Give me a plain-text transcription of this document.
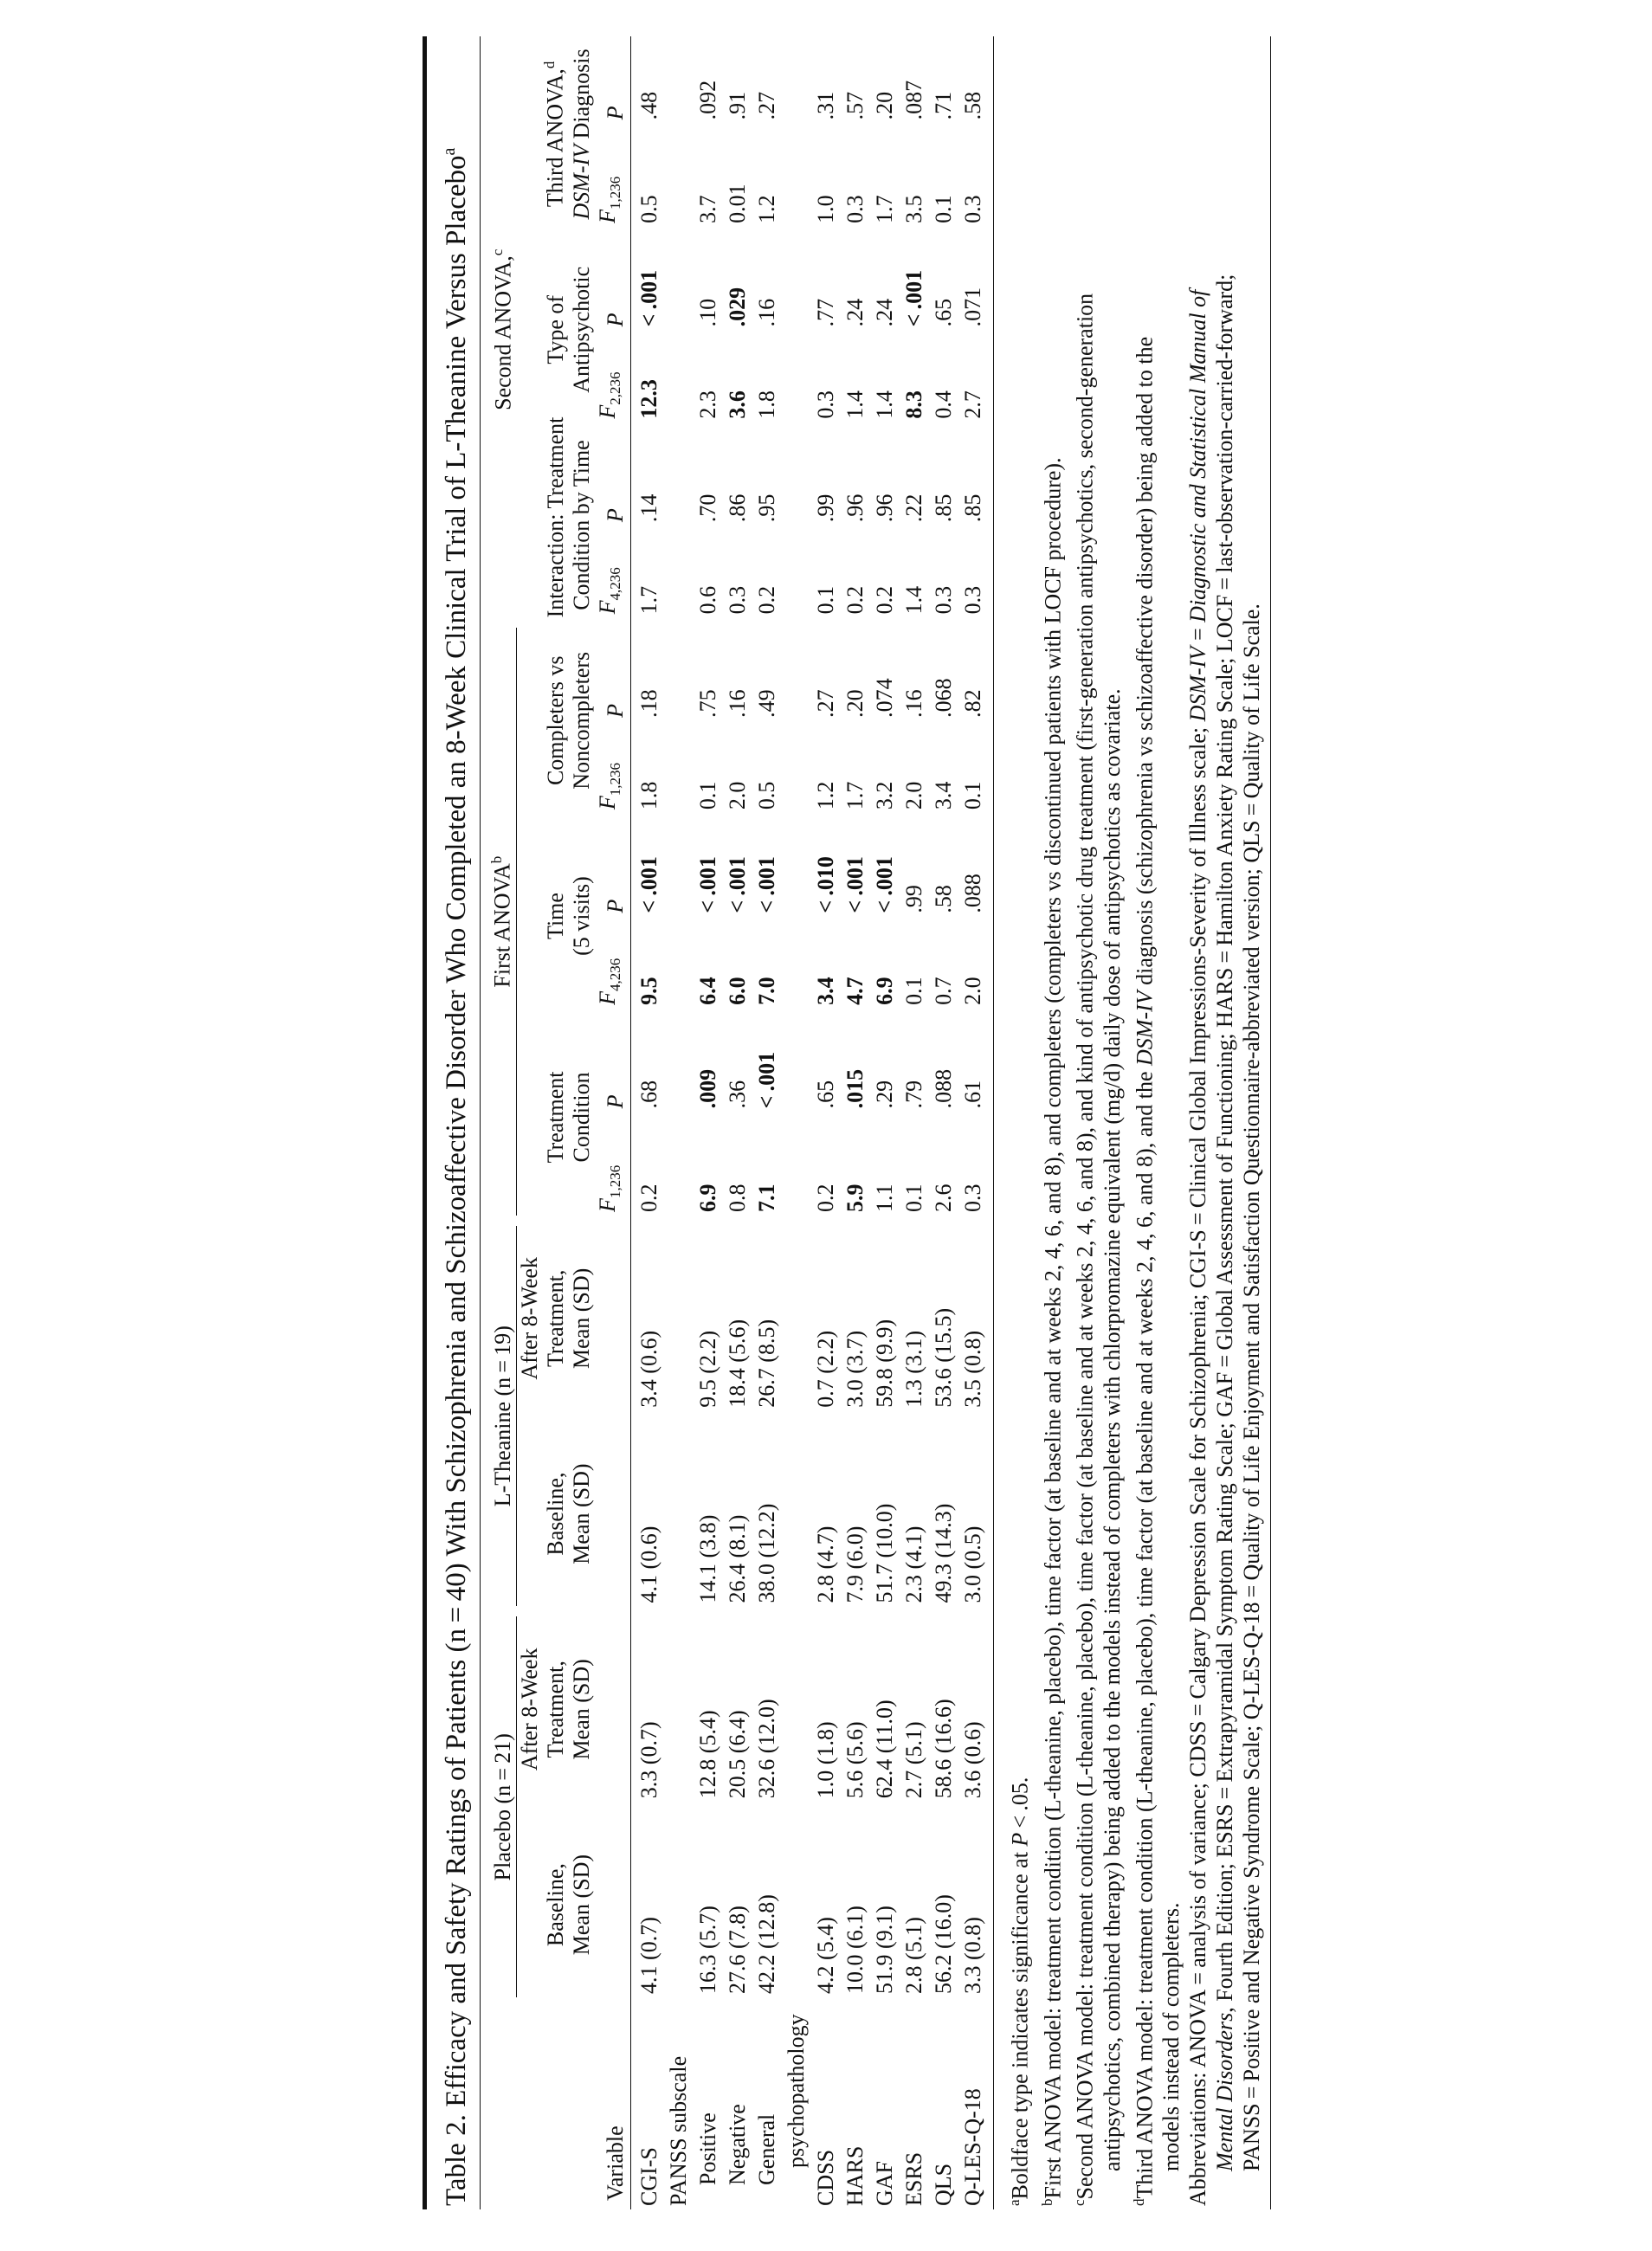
Table 2. Efficacy and Safety Ratings of Patients (n = 40) With Schizophrenia and Schizoaffective Disorder Who Completed an 8-Week Clinical Trial of L-Theanine Versus Placebo$^a$

	Placebo (n = 21)		L-Theanine (n = 19)		First ANOVA$^b$								Second ANOVA,$^c$	
	Baseline,
Mean (SD)	After 8-Week
Treatment,
Mean (SD)	Baseline,
Mean (SD)	After 8-Week
Treatment,
Mean (SD)	Treatment
Condition		Time
(5 visits)		Completers vs
Noncompleters		Interaction: Treatment
Condition by Time		Type of
Antipsychotic		Third ANOVA,$^d$
DSM-IV Diagnosis	
Variable					$F_{1,236}$	P	$F_{4,236}$	P	$F_{1,236}$	P	$F_{4,236}$	P	$F_{2,236}$	P	$F_{1,236}$	P
CGI-S	4.1 (0.7)	3.3 (0.7)	4.1 (0.6)	3.4 (0.6)	0.2	.68	9.5	< .001	1.8	.18	1.7	.14	12.3	< .001	0.5	.48
PANSS subscale																
Positive	16.3 (5.7)	12.8 (5.4)	14.1 (3.8)	9.5 (2.2)	6.9	.009	6.4	< .001	0.1	.75	0.6	.70	2.3	.10	3.7	.092
Negative	27.6 (7.8)	20.5 (6.4)	26.4 (8.1)	18.4 (5.6)	0.8	.36	6.0	< .001	2.0	.16	0.3	.86	3.6	.029	0.01	.91
General	42.2 (12.8)	32.6 (12.0)	38.0 (12.2)	26.7 (8.5)	7.1	< .001	7.0	< .001	0.5	.49	0.2	.95	1.8	.16	1.2	.27
psychopathology																
CDSS	4.2 (5.4)	1.0 (1.8)	2.8 (4.7)	0.7 (2.2)	0.2	.65	3.4	< .010	1.2	.27	0.1	.99	0.3	.77	1.0	.31
HARS	10.0 (6.1)	5.6 (5.6)	7.9 (6.0)	3.0 (3.7)	5.9	.015	4.7	< .001	1.7	.20	0.2	.96	1.4	.24	0.3	.57
GAF	51.9 (9.1)	62.4 (11.0)	51.7 (10.0)	59.8 (9.9)	1.1	.29	6.9	< .001	3.2	.074	0.2	.96	1.4	.24	1.7	.20
ESRS	2.8 (5.1)	2.7 (5.1)	2.3 (4.1)	1.3 (3.1)	0.1	.79	0.1	.99	2.0	.16	1.4	.22	8.3	< .001	3.5	.087
QLS	56.2 (16.0)	58.6 (16.6)	49.3 (14.3)	53.6 (15.5)	2.6	.088	0.7	.58	3.4	.068	0.3	.85	0.4	.65	0.1	.71
Q-LES-Q-18	3.3 (0.8)	3.6 (0.6)	3.0 (0.5)	3.5 (0.8)	0.3	.61	2.0	.088	0.1	.82	0.3	.85	2.7	.071	0.3	.58

$^a$Boldface type indicates significance at P < .05.

$^b$First ANOVA model: treatment condition (L-theanine, placebo), time factor (at baseline and at weeks 2, 4, 6, and 8), and completers (completers vs discontinued patients with LOCF procedure).

$^c$Second ANOVA model: treatment condition (L-theanine, placebo), time factor (at baseline and at weeks 2, 4, 6, and 8), and kind of antipsychotic drug treatment (first-generation antipsychotics, second-generation antipsychotics, combined therapy) being added to the models instead of completers with chlorpromazine equivalent (mg/d) daily dose of antipsychotics as covariate.

$^d$Third ANOVA model: treatment condition (L-theanine, placebo), time factor (at baseline and at weeks 2, 4, 6, and 8), and the DSM-IV diagnosis (schizophrenia vs schizoaffective disorder) being added to the

models instead of completers. Abbreviations: ANOVA = analysis of variance; CDSS = Calgary Depression Scale for Schizophrenia; CGI-S = Clinical Global Impressions-Severity of Illness scale; DSM-IV = Diagnostic and Statistical Manual of

Mental Disorders, Fourth Edition; ESRS = Extrapyramidal Symptom Rating Scale; GAF = Global Assessment of Functioning; HARS = Hamilton Anxiety Rating Scale; LOCF = last-observation-carried-forward; PANSS = Positive and Negative Syndrome Scale; Q-LES-Q-18 = Quality of Life Enjoyment and Satisfaction Questionnaire-abbreviated version; QLS = Quality of Life Scale.
